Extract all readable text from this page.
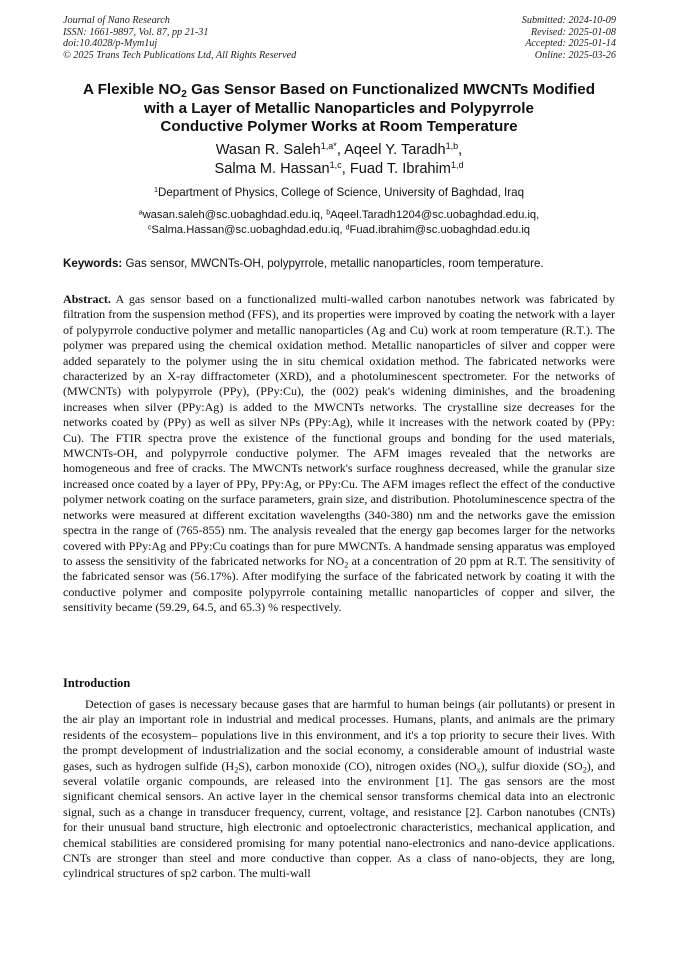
Journal of Nano Research
ISSN: 1661-9897, Vol. 87, pp 21-31
doi:10.4028/p-Mym1uj
© 2025 Trans Tech Publications Ltd, All Rights Reserved
Submitted: 2024-10-09
Revised: 2025-01-08
Accepted: 2025-01-14
Online: 2025-03-26
A Flexible $NO_2$ Gas Sensor Based on Functionalized MWCNTs Modified
with a Layer of Metallic Nanoparticles and Polypyrrole
Conductive Polymer Works at Room Temperature
Wasan R. Saleh$^{1,a*}$, Aqeel Y. Taradh$^{1,b}$,
Salma M. Hassan$^{1,c}$, Fuad T. Ibrahim$^{1,d}$
$^1$Department of Physics, College of Science, University of Baghdad, Iraq
$^a$wasan.saleh@sc.uobaghdad.edu.iq, $^b$Aqeel.Taradh1204@sc.uobaghdad.edu.iq,
$^c$Salma.Hassan@sc.uobaghdad.edu.iq, $^d$Fuad.ibrahim@sc.uobaghdad.edu.iq
Keywords: Gas sensor, MWCNTs-OH, polypyrrole, metallic nanoparticles, room temperature.
Abstract. A gas sensor based on a functionalized multi-walled carbon nanotubes network was fabricated by filtration from the suspension method (FFS), and its properties were improved by coating the network with a layer of polypyrrole conductive polymer and metallic nanoparticles (Ag and Cu) work at room temperature (R.T.). The polymer was prepared using the chemical oxidation method. Metallic nanoparticles of silver and copper were added separately to the polymer using the in situ chemical oxidation method. The fabricated networks were characterized by an X-ray diffractometer (XRD), and a photoluminescent spectrometer. For the networks of (MWCNTs) with polypyrrole (PPy), (PPy:Cu), the (002) peak's widening diminishes, and the broadening increases when silver (PPy:Ag) is added to the MWCNTs networks. The crystalline size decreases for the networks coated by (PPy) as well as silver NPs (PPy:Ag), while it increases with the network coated by (PPy: Cu). The FTIR spectra prove the existence of the functional groups and bonding for the used materials, MWCNTs-OH, and polypyrrole conductive polymer. The AFM images revealed that the networks are homogeneous and free of cracks. The MWCNTs network's surface roughness decreased, while the granular size increased once coated by a layer of PPy, PPy:Ag, or PPy:Cu. The AFM images reflect the effect of the conductive polymer network coating on the surface parameters, grain size, and distribution. Photoluminescence spectra of the networks were measured at different excitation wavelengths (340-380) nm and the networks gave the emission spectra in the range of (765-855) nm. The analysis revealed that the energy gap becomes larger for the networks covered with PPy:Ag and PPy:Cu coatings than for pure MWCNTs. A handmade sensing apparatus was employed to assess the sensitivity of the fabricated networks for $NO_2$ at a concentration of 20 ppm at R.T. The sensitivity of the fabricated sensor was (56.17%). After modifying the surface of the fabricated network by coating it with the conductive polymer and composite polypyrrole containing metallic nanoparticles of copper and silver, the sensitivity became (59.29, 64.5, and 65.3) % respectively.
Introduction
Detection of gases is necessary because gases that are harmful to human beings (air pollutants) or present in the air play an important role in industrial and medical processes. Humans, plants, and animals are the primary residents of the ecosystem– populations live in this environment, and it's a top priority to secure their lives. With the prompt development of industrialization and the social economy, a considerable amount of industrial waste gases, such as hydrogen sulfide $(H_2S)$, carbon monoxide (CO), nitrogen oxides $(NO_x)$, sulfur dioxide $(SO_2)$, and several volatile organic compounds, are released into the environment [1]. The gas sensors are the most significant chemical sensors. An active layer in the chemical sensor transforms chemical data into an electronic signal, such as a change in transducer frequency, current, voltage, and resistance [2]. Carbon nanotubes (CNTs) for their unusual band structure, high electronic and optoelectronic characteristics, mechanical application, and chemical stabilities are considered promising for many potential nano-electronics and nano-device applications. CNTs are stronger than steel and more conductive than copper. As a class of nano-objects, they are long, cylindrical structures of sp2 carbon. The multi-wall
